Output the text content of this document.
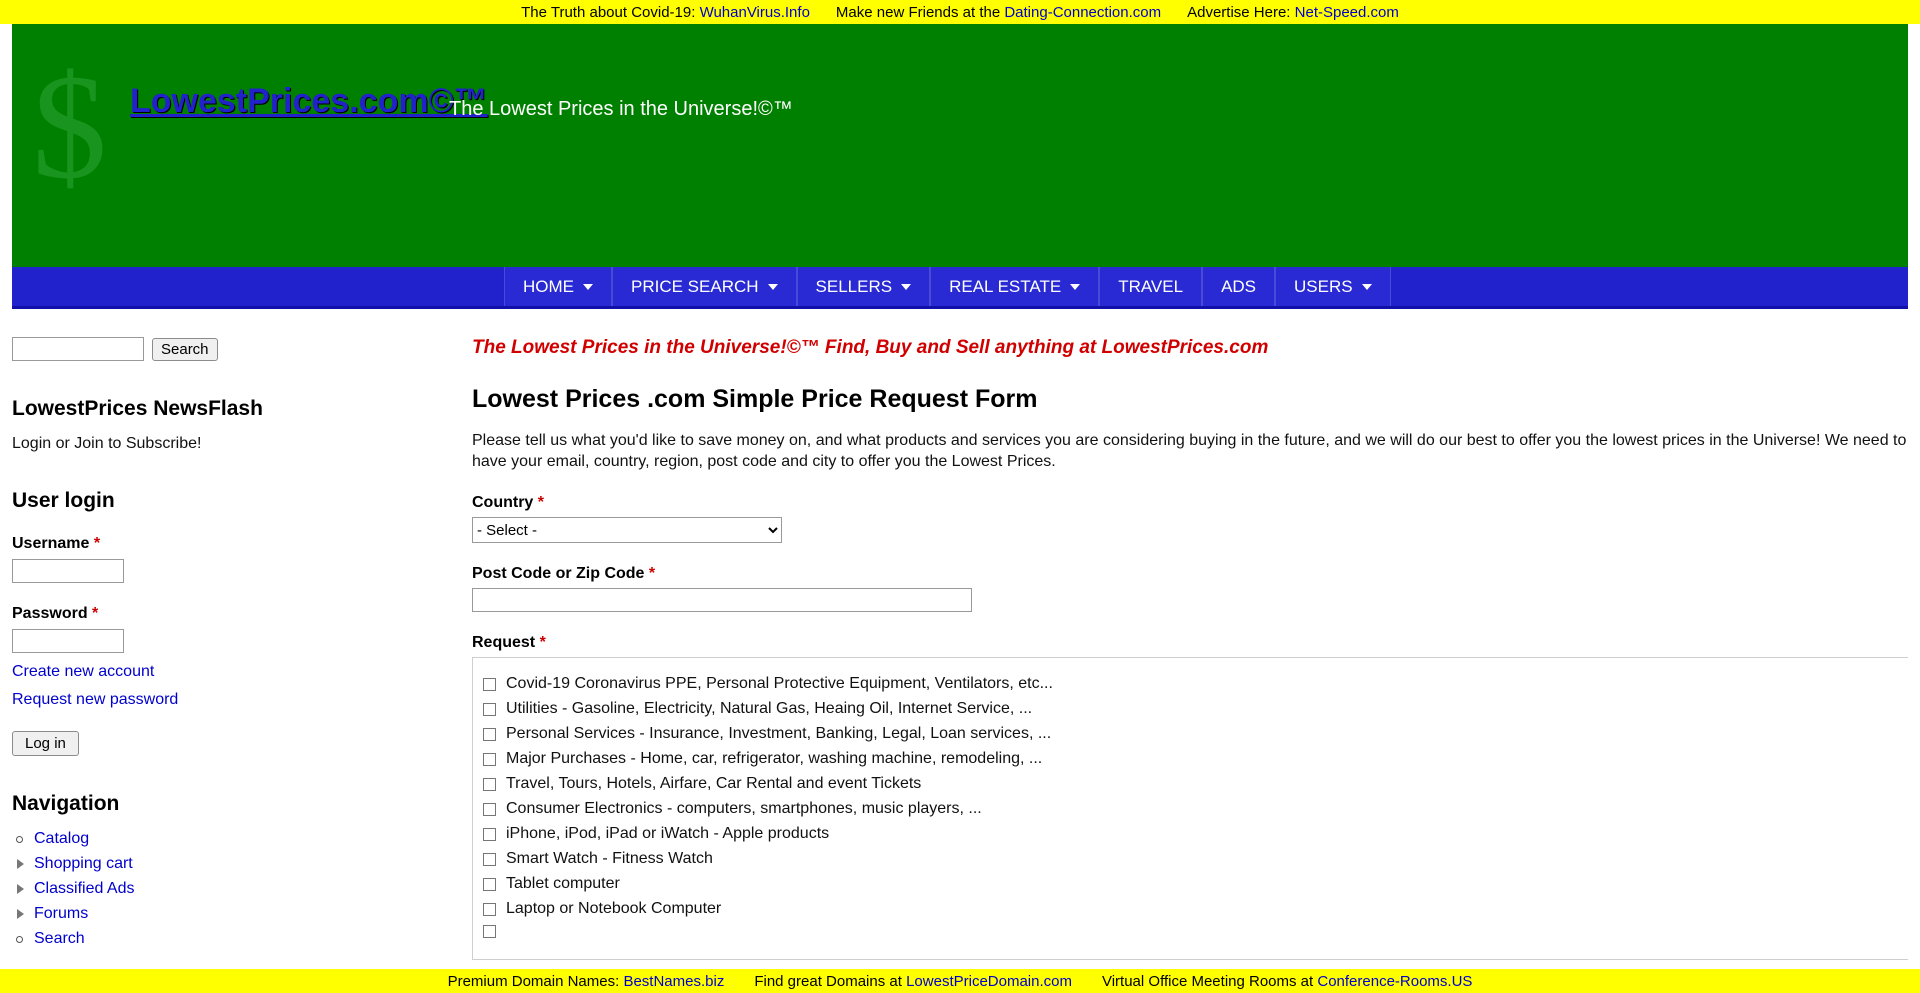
The Truth about Covid-19: WuhanVirus.Info Make new Friends at the Dating-Connection.com Advertise Here: Net-Speed.com
$ LowestPrices.com©™
The Lowest Prices in the Universe!©™
HOME	PRICE SEARCH	SELLERS	REAL ESTATE	TRAVEL ADS USERS
Search
LowestPrices NewsFlash
Login or Join to Subscribe!
User login
Username *
Password *
Create new account
Request new password
Log in
Navigation
Catalog
Shopping cart
Classified Ads
Forums
Search
The Lowest Prices in the Universe!©™ Find, Buy and Sell anything at LowestPrices.com
Lowest Prices .com Simple Price Request Form

Please tell us what you'd like to save money on, and what products and services you are considering buying in the future, and we will do our best to offer you the lowest prices in the Universe! We need to have your email, country, region, post code and city to offer you the Lowest Prices.

Country *
- Select -
Post Code or Zip Code *
Request *
Covid-19 Coronavirus PPE, Personal Protective Equipment, Ventilators, etc...
Utilities - Gasoline, Electricity, Natural Gas, Heaing Oil, Internet Service, ...
Personal Services - Insurance, Investment, Banking, Legal, Loan services, ...
Major Purchases - Home, car, refrigerator, washing machine, remodeling, ...
Travel, Tours, Hotels, Airfare, Car Rental and event Tickets
Consumer Electronics - computers, smartphones, music players, ...
iPhone, iPod, iPad or iWatch - Apple products
Smart Watch - Fitness Watch
Tablet computer
Laptop or Notebook Computer
Premium Domain Names: BestNames.biz Find great Domains at LowestPriceDomain.com Virtual Office Meeting Rooms at Conference-Rooms.US
